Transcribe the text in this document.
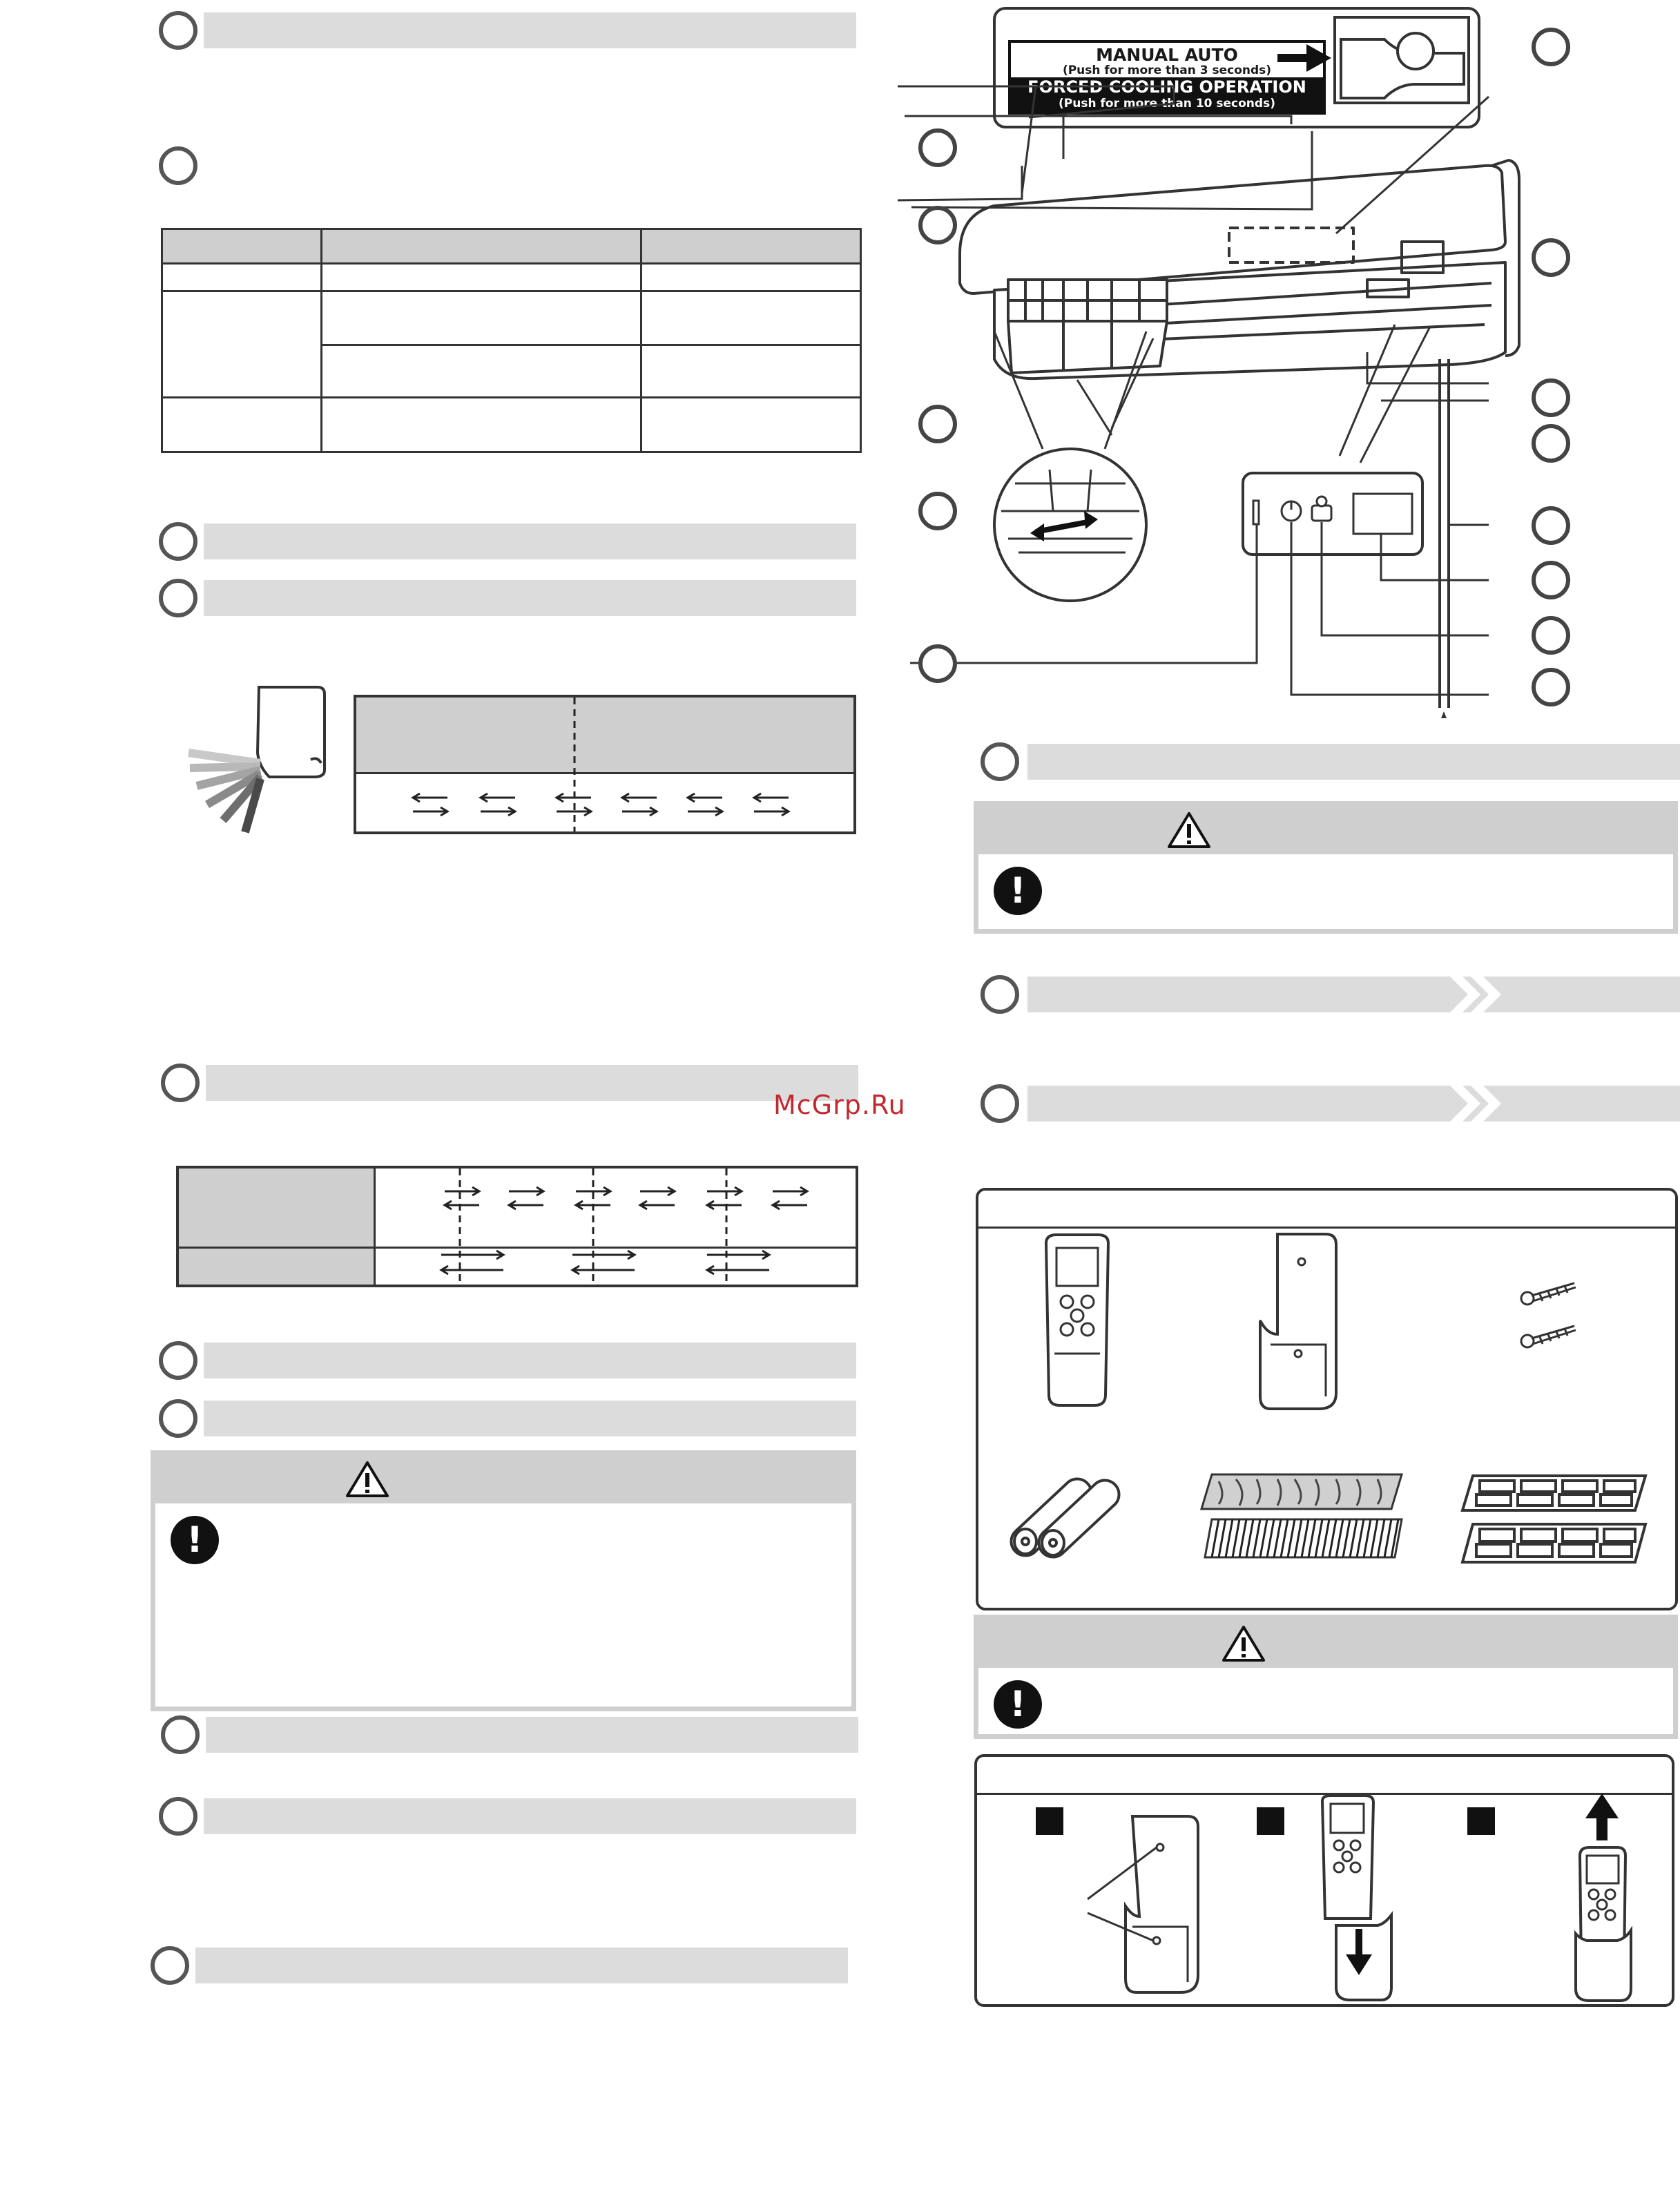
McGrp.Ru
!
MANUAL AUTO
(Push for more than 3 seconds)
FORCED COOLING OPERATION
(Push for more than 10 seconds)
!
!
